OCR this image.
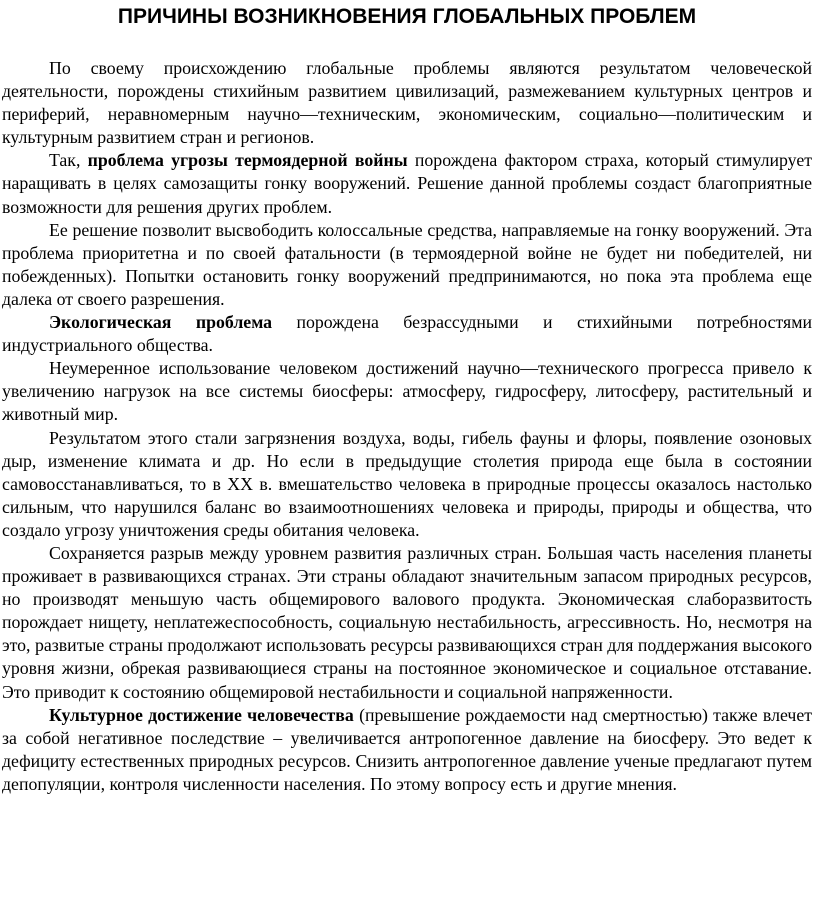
ПРИЧИНЫ ВОЗНИКНОВЕНИЯ ГЛОБАЛЬНЫХ ПРОБЛЕМ

По своему происхождению глобальные проблемы являются результатом человеческой деятельности, порождены стихийным развитием цивилизаций, размежеванием культурных центров и периферий, неравномерным научно—техническим, экономическим, социально—политическим и культурным развитием стран и регионов.

Так, проблема угрозы термоядерной войны порождена фактором страха, который стимулирует наращивать в целях самозащиты гонку вооружений. Решение данной проблемы создаст благоприятные возможности для решения других проблем.

Ее решение позволит высвободить колоссальные средства, направляемые на гонку вооружений. Эта проблема приоритетна и по своей фатальности (в термоядерной войне не будет ни победителей, ни побежденных). Попытки остановить гонку вооружений предпринимаются, но пока эта проблема еще далека от своего разрешения.

Экологическая проблема порождена безрассудными и стихийными потребностями индустриального общества.

Неумеренное использование человеком достижений научно—технического прогресса привело к увеличению нагрузок на все системы биосферы: атмосферу, гидросферу, литосферу, растительный и животный мир.

Результатом этого стали загрязнения воздуха, воды, гибель фауны и флоры, появление озоновых дыр, изменение климата и др. Но если в предыдущие столетия природа еще была в состоянии самовосстанавливаться, то в XX в. вмешательство человека в природные процессы оказалось настолько сильным, что нарушился баланс во взаимоотношениях человека и природы, природы и общества, что создало угрозу уничтожения среды обитания человека.

Сохраняется разрыв между уровнем развития различных стран. Большая часть населения планеты проживает в развивающихся странах. Эти страны обладают значительным запасом природных ресурсов, но производят меньшую часть общемирового валового продукта. Экономическая слаборазвитость порождает нищету, неплатежеспособность, социальную нестабильность, агрессивность. Но, несмотря на это, развитые страны продолжают использовать ресурсы развивающихся стран для поддержания высокого уровня жизни, обрекая развивающиеся страны на постоянное экономическое и социальное отставание. Это приводит к состоянию общемировой нестабильности и социальной напряженности.

Культурное достижение человечества (превышение рождаемости над смертностью) также влечет за собой негативное последствие – увеличивается антропогенное давление на биосферу. Это ведет к дефициту естественных природных ресурсов. Снизить антропогенное давление ученые предлагают путем депопуляции, контроля численности населения. По этому вопросу есть и другие мнения.
